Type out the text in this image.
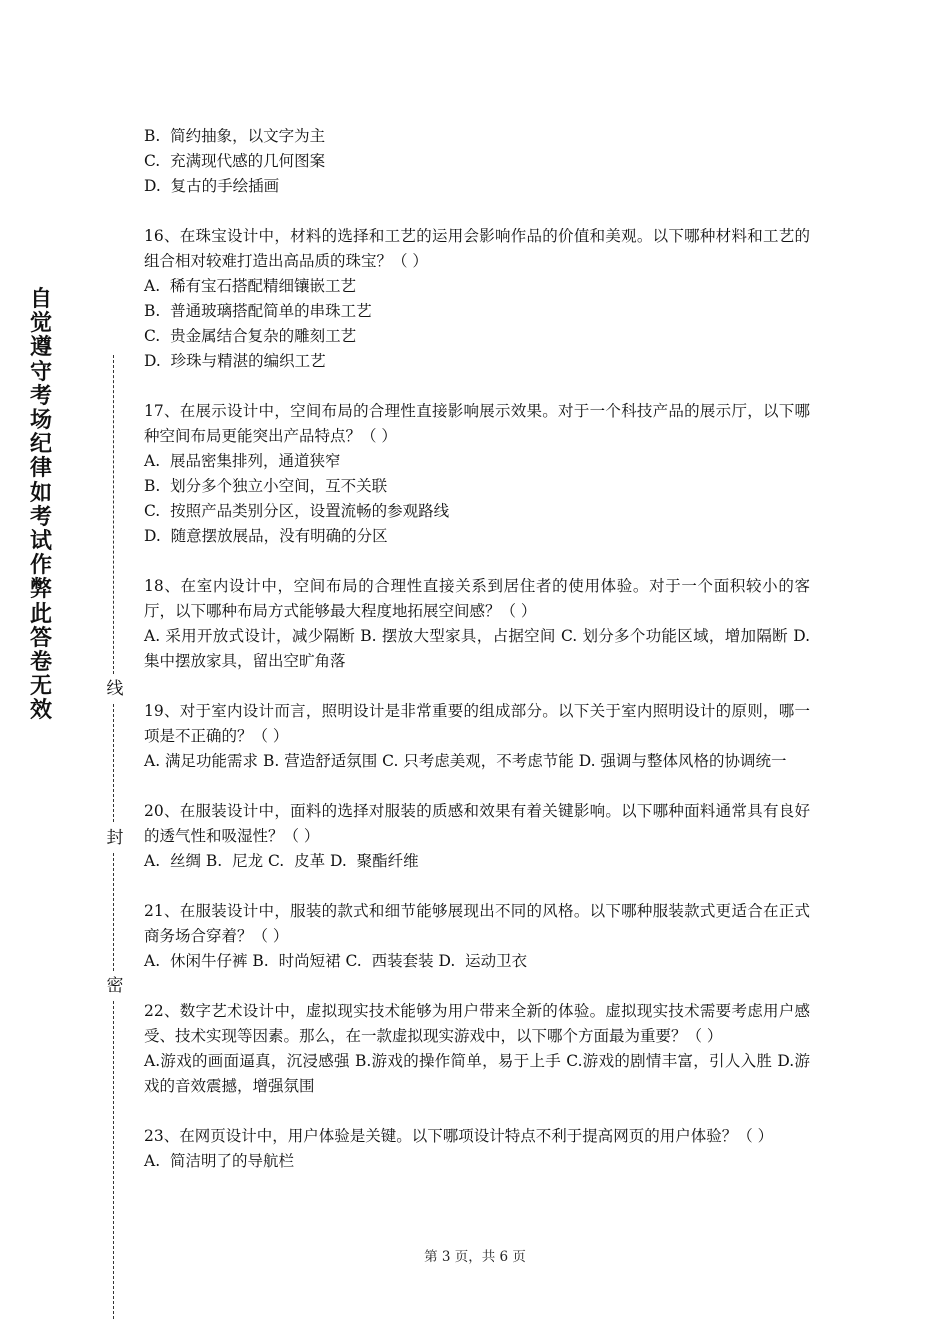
自
觉
遵
守
考
场
纪
律
如
考
试
作
弊
此
答
卷
无
效
线
封
密

B.  简约抽象，以文字为主

C.  充满现代感的几何图案

D.  复古的手绘插画

16、在珠宝设计中，材料的选择和工艺的运用会影响作品的价值和美观。以下哪种材料和工艺的组合相对较难打造出高品质的珠宝？（ ）

A.  稀有宝石搭配精细镶嵌工艺

B.  普通玻璃搭配简单的串珠工艺

C.  贵金属结合复杂的雕刻工艺

D.  珍珠与精湛的编织工艺

17、在展示设计中，空间布局的合理性直接影响展示效果。对于一个科技产品的展示厅，以下哪种空间布局更能突出产品特点？（ ）

A.  展品密集排列，通道狭窄

B.  划分多个独立小空间，互不关联

C.  按照产品类别分区，设置流畅的参观路线

D.  随意摆放展品，没有明确的分区

18、在室内设计中，空间布局的合理性直接关系到居住者的使用体验。对于一个面积较小的客厅，以下哪种布局方式能够最大程度地拓展空间感？（ ）

A. 采用开放式设计，减少隔断 B. 摆放大型家具，占据空间 C. 划分多个功能区域，增加隔断 D. 集中摆放家具，留出空旷角落

19、对于室内设计而言，照明设计是非常重要的组成部分。以下关于室内照明设计的原则，哪一项是不正确的？（ ）

A. 满足功能需求 B. 营造舒适氛围 C. 只考虑美观，不考虑节能 D. 强调与整体风格的协调统一

20、在服装设计中，面料的选择对服装的质感和效果有着关键影响。以下哪种面料通常具有良好的透气性和吸湿性？（ ）

A.  丝绸 B.  尼龙 C.  皮革 D.  聚酯纤维

21、在服装设计中，服装的款式和细节能够展现出不同的风格。以下哪种服装款式更适合在正式商务场合穿着？（ ）

A.  休闲牛仔裤 B.  时尚短裙 C.  西装套装 D.  运动卫衣

22、数字艺术设计中，虚拟现实技术能够为用户带来全新的体验。虚拟现实技术需要考虑用户感受、技术实现等因素。那么，在一款虚拟现实游戏中，以下哪个方面最为重要？（ ）

A.游戏的画面逼真，沉浸感强 B.游戏的操作简单，易于上手 C.游戏的剧情丰富，引人入胜 D.游戏的音效震撼，增强氛围

23、在网页设计中，用户体验是关键。以下哪项设计特点不利于提高网页的用户体验？（ ）

A.  简洁明了的导航栏

第 3 页，共 6 页
